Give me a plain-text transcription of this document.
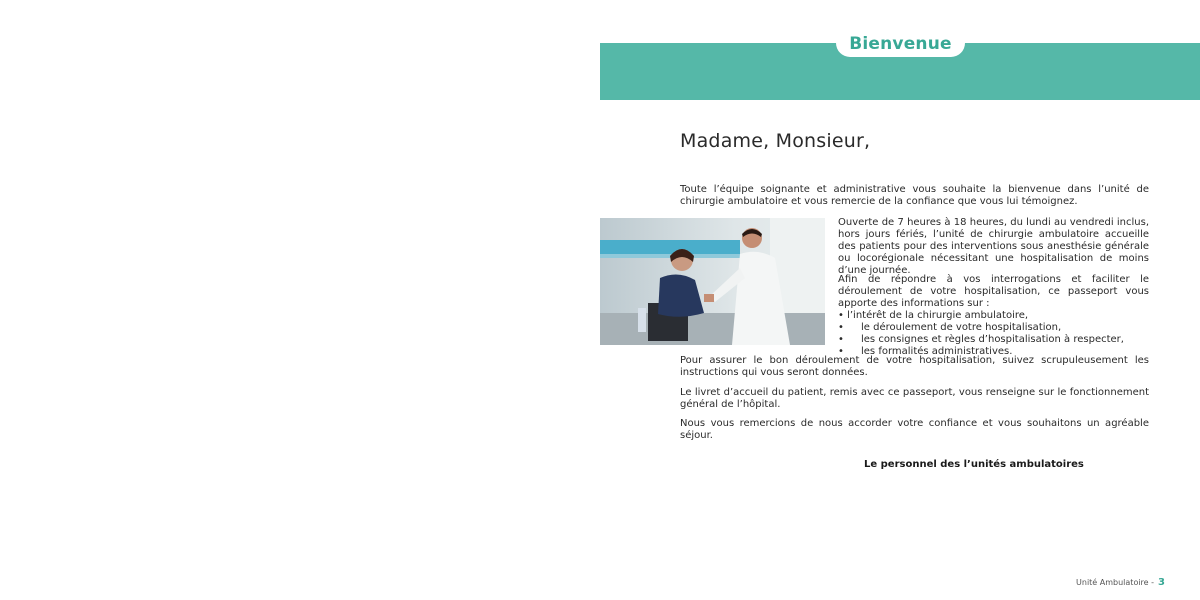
Bienvenue
Madame, Monsieur,

Toute l’équipe soignante et administrative vous souhaite la bienvenue dans l’unité de chirurgie ambulatoire et vous remercie de la confiance que vous lui témoignez.

Ouverte de 7 heures à 18 heures, du lundi au vendredi inclus, hors jours fériés, l’unité de chirurgie ambulatoire accueille des patients pour des interventions sous anesthésie générale ou locorégionale nécessitant une hospitalisation de moins d’une journée.

Afin de répondre à vos interrogations et faciliter le déroulement de votre hospitalisation, ce passeport vous apporte des informations sur :

• l’intérêt de la chirurgie ambulatoire,
• le déroulement de votre hospitalisation,
• les consignes et règles d’hospitalisation à respecter,
• les formalités administratives.

Pour assurer le bon déroulement de votre hospitalisation, suivez scrupuleusement les instructions qui vous seront données.

Le livret d’accueil du patient, remis avec ce passeport, vous renseigne sur le fonctionnement général de l’hôpital.

Nous vous remercions de nous accorder votre confiance et vous souhaitons un agréable séjour.

Le personnel des l’unités ambulatoires
Unité Ambulatoire - 3
